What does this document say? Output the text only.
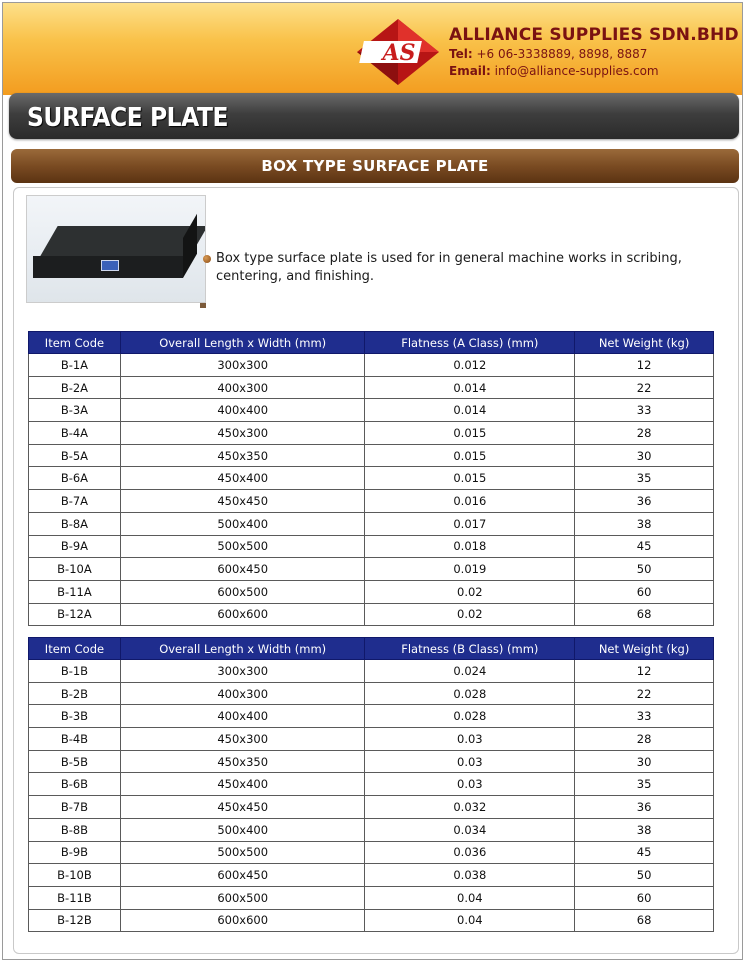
AS
ALLIANCE SUPPLIES SDN.BHD
Tel: +6 06-3338889, 8898, 8887
Email: info@alliance-supplies.com
SURFACE PLATE
BOX TYPE SURFACE PLATE
Box type surface plate is used for in general machine works in scribing, centering, and finishing.
Item Code	Overall Length x Width (mm)	Flatness (A Class) (mm)	Net Weight (kg)
B-1A	300x300	0.012	12
B-2A	400x300	0.014	22
B-3A	400x400	0.014	33
B-4A	450x300	0.015	28
B-5A	450x350	0.015	30
B-6A	450x400	0.015	35
B-7A	450x450	0.016	36
B-8A	500x400	0.017	38
B-9A	500x500	0.018	45
B-10A	600x450	0.019	50
B-11A	600x500	0.02	60
B-12A	600x600	0.02	68
Item Code	Overall Length x Width (mm)	Flatness (B Class) (mm)	Net Weight (kg)
B-1B	300x300	0.024	12
B-2B	400x300	0.028	22
B-3B	400x400	0.028	33
B-4B	450x300	0.03	28
B-5B	450x350	0.03	30
B-6B	450x400	0.03	35
B-7B	450x450	0.032	36
B-8B	500x400	0.034	38
B-9B	500x500	0.036	45
B-10B	600x450	0.038	50
B-11B	600x500	0.04	60
B-12B	600x600	0.04	68
